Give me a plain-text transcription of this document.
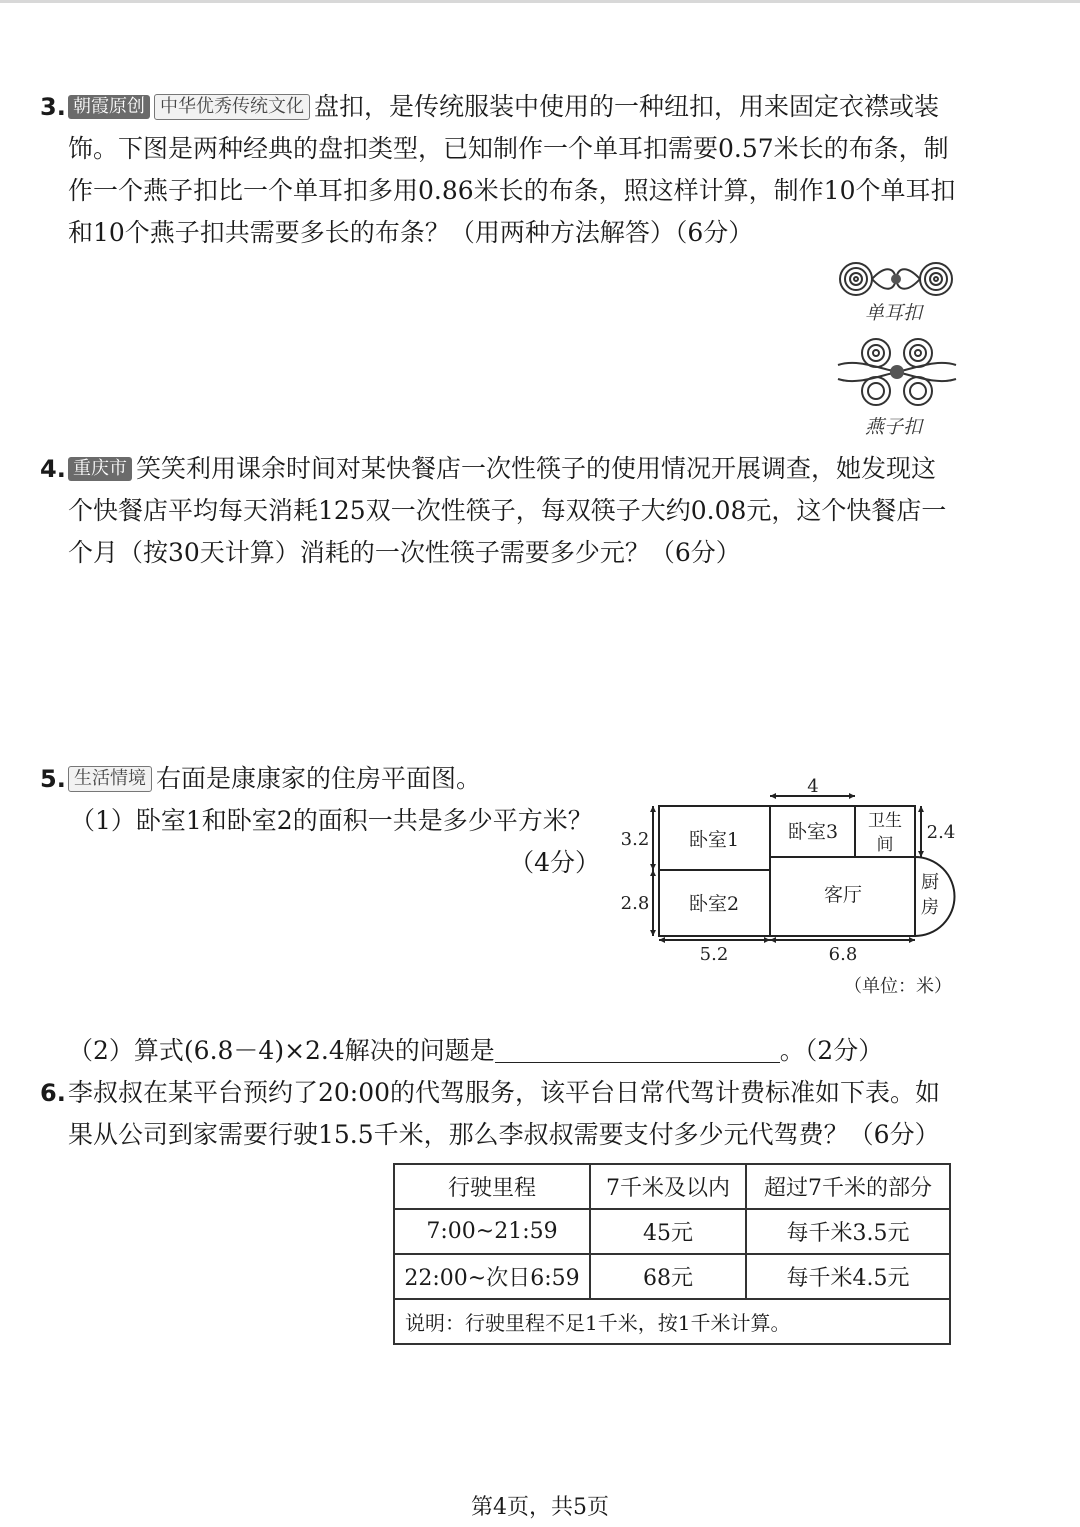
3. 朝霞原创 中华优秀传统文化 盘扣，是传统服装中使用的一种纽扣，用来固定衣襟或装饰。下图是两种经典的盘扣类型，已知制作一个单耳扣需要0.57米长的布条，制作一个燕子扣比一个单耳扣多用0.86米长的布条，照这样计算，制作10个单耳扣和10个燕子扣共需要多长的布条？（用两种方法解答）（6分）
单耳扣
燕子扣
4. 重庆市 笑笑利用课余时间对某快餐店一次性筷子的使用情况开展调查，她发现这个快餐店平均每天消耗125双一次性筷子，每双筷子大约0.08元，这个快餐店一个月（按30天计算）消耗的一次性筷子需要多少元？（6分）
5. 生活情境 右面是康康家的住房平面图。
（1）卧室1和卧室2的面积一共是多少平方米？
（4分）
卧室1
卧室2
卧室3 卫生
间
客厅
厨
房
4
3.2
2.8
2.4
5.2	6.8
（单位：米）
（2）算式(6.8－4)×2.4解决的问题是	。（2分）
6. 李叔叔在某平台预约了20:00的代驾服务，该平台日常代驾计费标准如下表。如果从公司到家需要行驶15.5千米，那么李叔叔需要支付多少元代驾费？（6分）
行驶里程	7千米及以内	超过7千米的部分
7:00~21:59	45元	每千米3.5元
22:00~次日6:59	68元	每千米4.5元
说明：行驶里程不足1千米，按1千米计算。		
第4页，共5页
